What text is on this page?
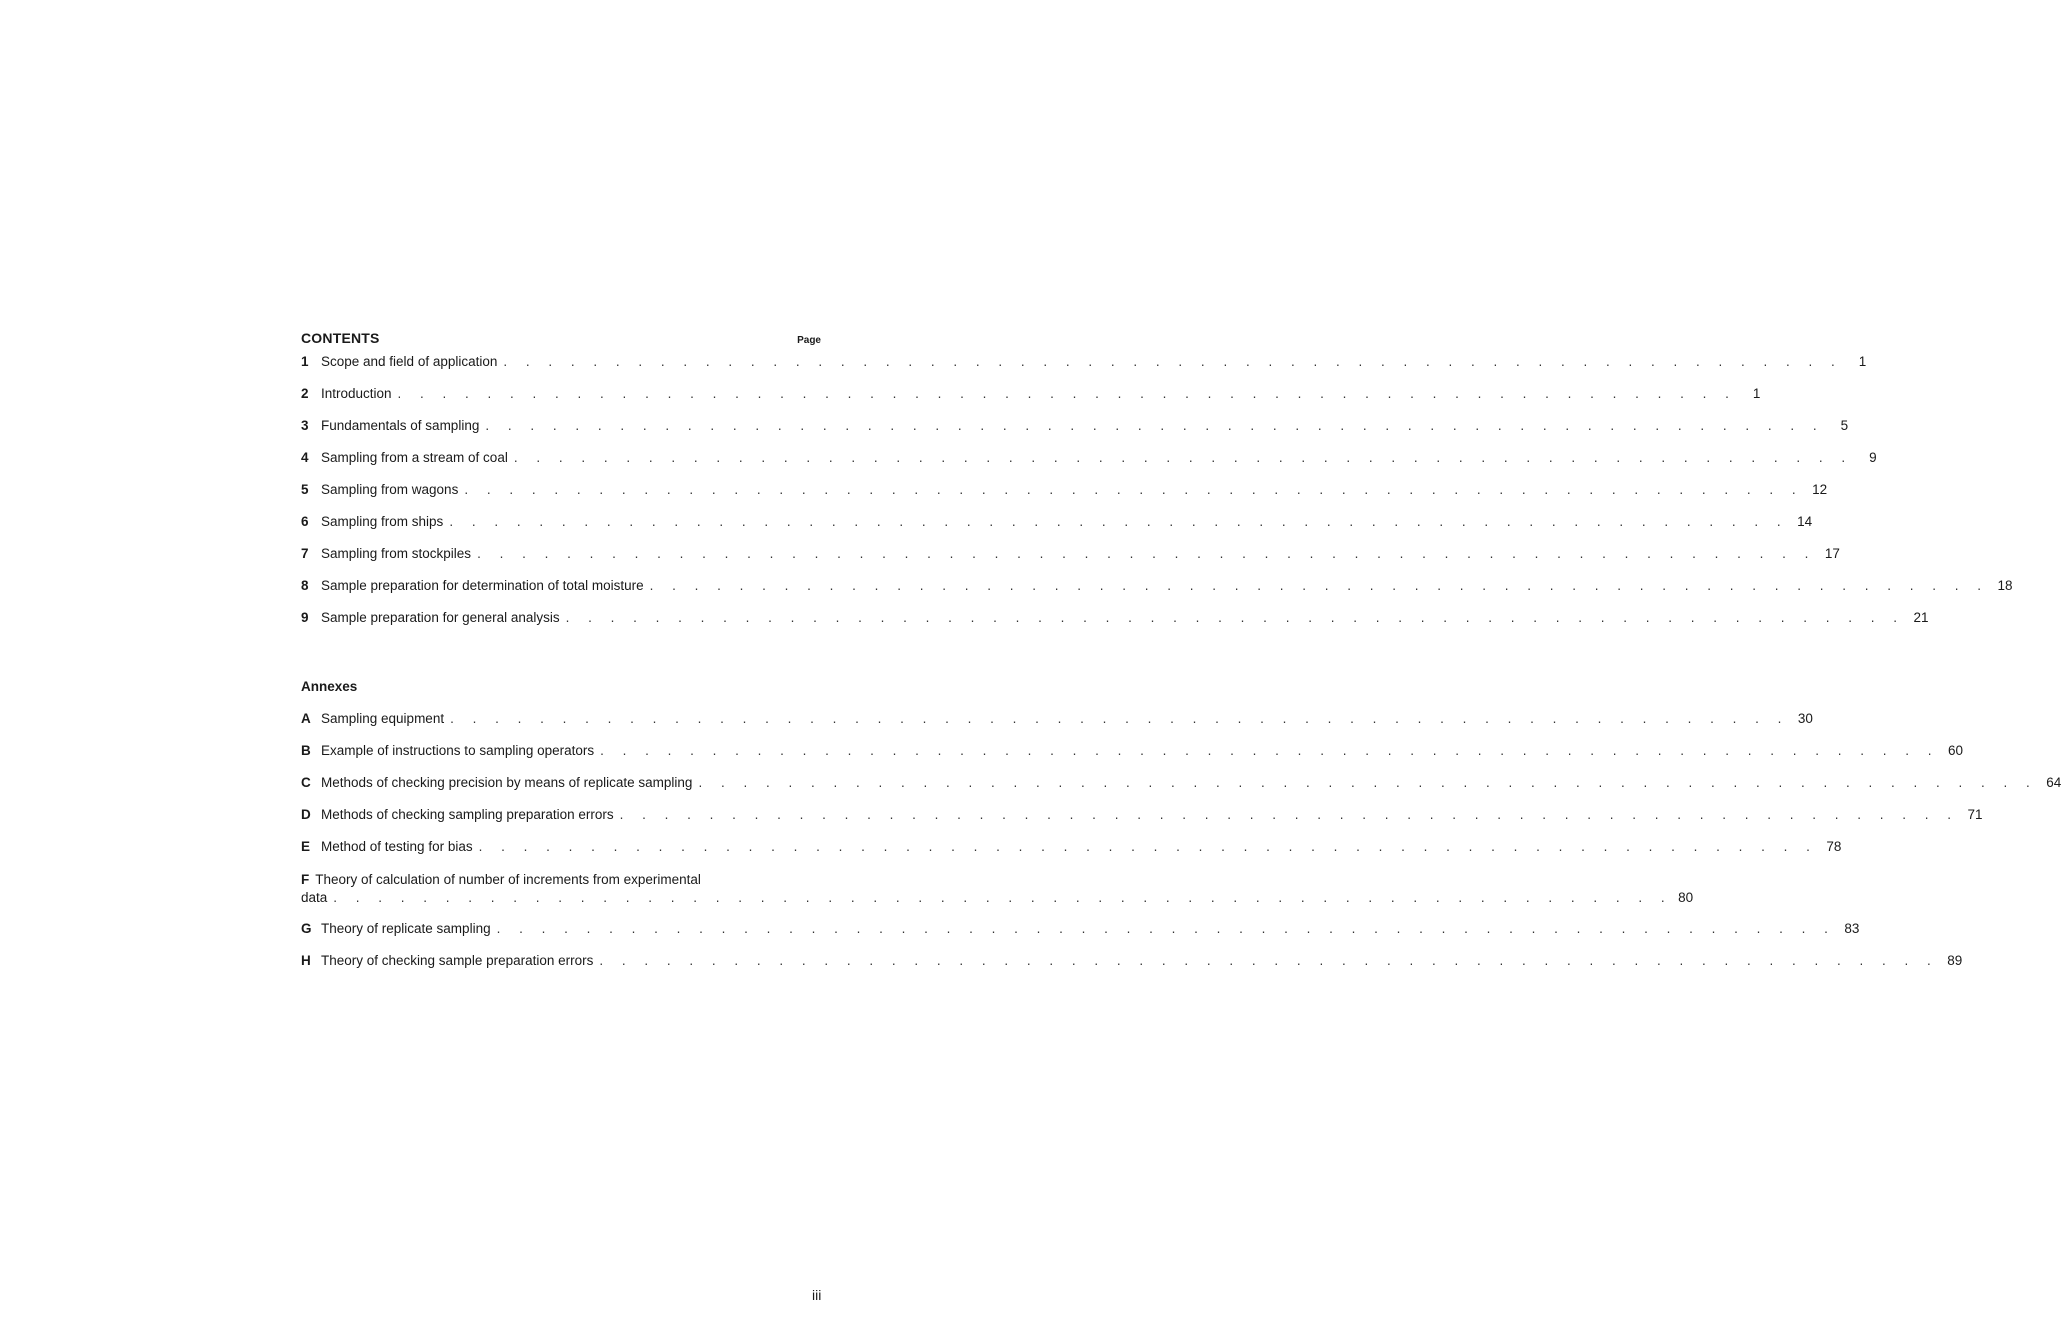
CONTENTS	Page
1 Scope and field of application . . . . . . . . . . . . . . . . . . . . . . . . . . . . . . . . . . . . . . . . . . . . . . . . . . . . . . . . . . . .	1
2 Introduction . . . . . . . . . . . . . . . . . . . . . . . . . . . . . . . . . . . . . . . . . . . . . . . . . . . . . . . . . . . .	1
3 Fundamentals of sampling . . . . . . . . . . . . . . . . . . . . . . . . . . . . . . . . . . . . . . . . . . . . . . . . . . . . . . . . . . . .	5
4 Sampling from a stream of coal . . . . . . . . . . . . . . . . . . . . . . . . . . . . . . . . . . . . . . . . . . . . . . . . . . . . . . . . . . . .	9
5 Sampling from wagons . . . . . . . . . . . . . . . . . . . . . . . . . . . . . . . . . . . . . . . . . . . . . . . . . . . . . . . . . . . . 12
6 Sampling from ships . . . . . . . . . . . . . . . . . . . . . . . . . . . . . . . . . . . . . . . . . . . . . . . . . . . . . . . . . . . . 14
7 Sampling from stockpiles . . . . . . . . . . . . . . . . . . . . . . . . . . . . . . . . . . . . . . . . . . . . . . . . . . . . . . . . . . . . 17
8 Sample preparation for determination of total moisture . . . . . . . . . . . . . . . . . . . . . . . . . . . . . . . . . . . . . . . . . . . . . . . . . . . . . . . . . . . . 18
9 Sample preparation for general analysis . . . . . . . . . . . . . . . . . . . . . . . . . . . . . . . . . . . . . . . . . . . . . . . . . . . . . . . . . . . . 21
Annexes
A Sampling equipment . . . . . . . . . . . . . . . . . . . . . . . . . . . . . . . . . . . . . . . . . . . . . . . . . . . . . . . . . . . . 30
B Example of instructions to sampling operators . . . . . . . . . . . . . . . . . . . . . . . . . . . . . . . . . . . . . . . . . . . . . . . . . . . . . . . . . . . . 60
C Methods of checking precision by means of replicate sampling . . . . . . . . . . . . . . . . . . . . . . . . . . . . . . . . . . . . . . . . . . . . . . . . . . . . . . . . . . . . 64
D Methods of checking sampling preparation errors . . . . . . . . . . . . . . . . . . . . . . . . . . . . . . . . . . . . . . . . . . . . . . . . . . . . . . . . . . . . 71
E Method of testing for bias . . . . . . . . . . . . . . . . . . . . . . . . . . . . . . . . . . . . . . . . . . . . . . . . . . . . . . . . . . . . 78
F Theory of calculation of number of increments from experimental
data . . . . . . . . . . . . . . . . . . . . . . . . . . . . . . . . . . . . . . . . . . . . . . . . . . . . . . . . . . . . 80
G Theory of replicate sampling . . . . . . . . . . . . . . . . . . . . . . . . . . . . . . . . . . . . . . . . . . . . . . . . . . . . . . . . . . . . 83
H Theory of checking sample preparation errors . . . . . . . . . . . . . . . . . . . . . . . . . . . . . . . . . . . . . . . . . . . . . . . . . . . . . . . . . . . . 89
iii
